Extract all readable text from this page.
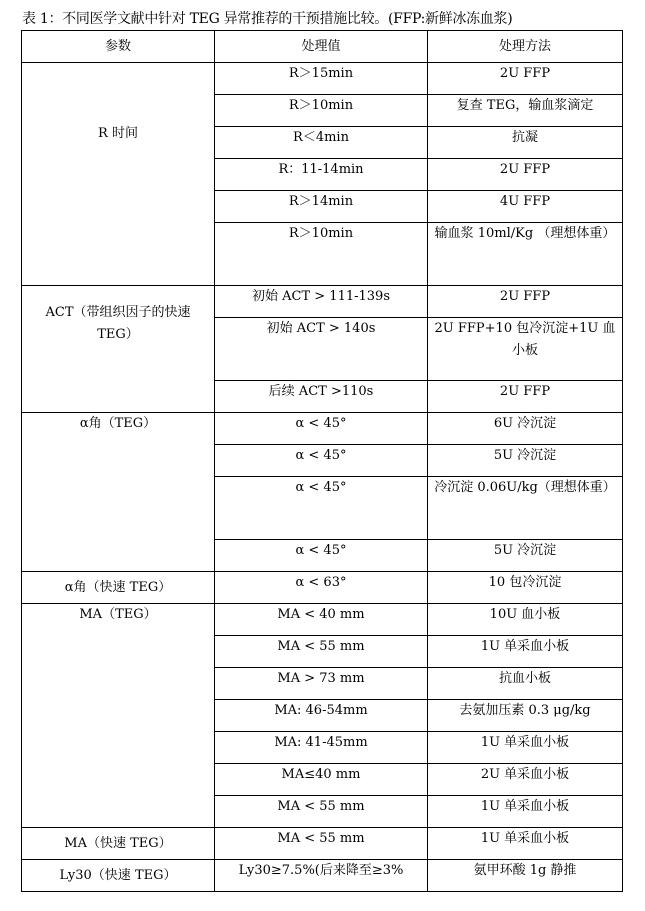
表 1：不同医学文献中针对 TEG 异常推荐的干预措施比较。(FFP:新鲜冰冻血浆)
参数	处理值	处理方法
R 时间	R＞15min	2U FFP
	R＞10min	复查 TEG，输血浆滴定
	R＜4min	抗凝
	R：11-14min	2U FFP
	R＞14min	4U FFP
	R＞10min	输血浆 10ml/Kg （理想体重）
ACT（带组织因子的快速 TEG）	初始 ACT > 111-139s	2U FFP
	初始 ACT > 140s	2U FFP+10 包冷沉淀+1U 血小板
	后续 ACT >110s	2U FFP
α角（TEG）	α < 45°	6U 冷沉淀
	α < 45°	5U 冷沉淀
	α < 45°	冷沉淀 0.06U/kg（理想体重）
	α < 45°	5U 冷沉淀
α角（快速 TEG）	α < 63°	10 包冷沉淀
MA（TEG）	MA < 40 mm	10U 血小板
	MA < 55 mm	1U 单采血小板
	MA > 73 mm	抗血小板
	MA: 46-54mm	去氨加压素 0.3 μg/kg
	MA: 41-45mm	1U 单采血小板
	MA≤40 mm	2U 单采血小板
	MA < 55 mm	1U 单采血小板
MA（快速 TEG）	MA < 55 mm	1U 单采血小板
Ly30（快速 TEG）	Ly30≥7.5%(后来降至≥3%	氨甲环酸 1g 静推
